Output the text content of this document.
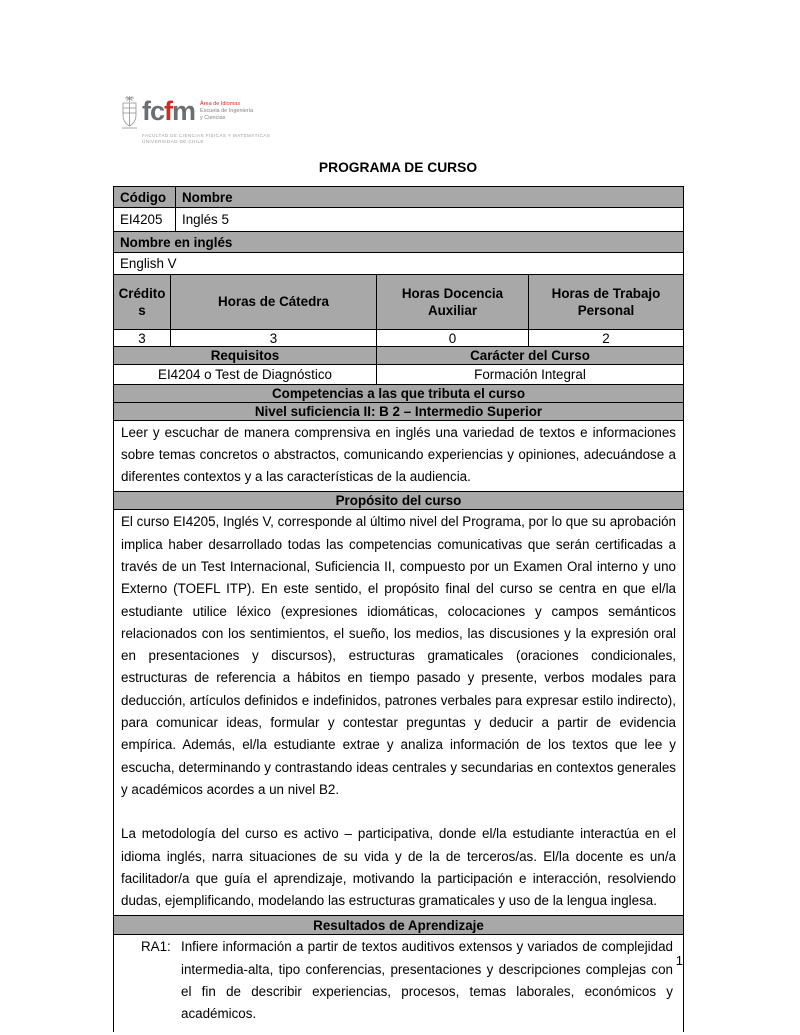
fcfm Área de Idiomas
Escuela de Ingeniería
y Ciencias
FACULTAD DE CIENCIAS FÍSICAS Y MATEMÁTICAS
UNIVERSIDAD DE CHILE
PROGRAMA DE CURSO
Código	Nombre
EI4205	Inglés 5
Nombre en inglés	
English V	
Créditos	Horas de Cátedra	Horas Docencia Auxiliar	Horas de Trabajo Personal
3	3	0	2
Requisitos	Carácter del Curso
EI4204 o Test de Diagnóstico	Formación Integral
Competencias a las que tributa el curso
Nivel suficiencia II: B 2 – Intermedio Superior
Leer y escuchar de manera comprensiva en inglés una variedad de textos e informaciones sobre temas concretos o abstractos, comunicando experiencias y opiniones, adecuándose a diferentes contextos y a las características de la audiencia.
Propósito del curso

El curso EI4205, Inglés V, corresponde al último nivel del Programa, por lo que su aprobación implica haber desarrollado todas las competencias comunicativas que serán certificadas a través de un Test Internacional, Suficiencia II, compuesto por un Examen Oral interno y uno Externo (TOEFL ITP). En este sentido, el propósito final del curso se centra en que el/la estudiante utilice léxico (expresiones idiomáticas, colocaciones y campos semánticos relacionados con los sentimientos, el sueño, los medios, las discusiones y la expresión oral en presentaciones y discursos), estructuras gramaticales (oraciones condicionales, estructuras de referencia a hábitos en tiempo pasado y presente, verbos modales para deducción, artículos definidos e indefinidos, patrones verbales para expresar estilo indirecto), para comunicar ideas, formular y contestar preguntas y deducir a partir de evidencia empírica. Además, el/la estudiante extrae y analiza información de los textos que lee y escucha, determinando y contrastando ideas centrales y secundarias en contextos generales y académicos acordes a un nivel B2.

La metodología del curso es activo – participativa, donde el/la estudiante interactúa en el idioma inglés, narra situaciones de su vida y de la de terceros/as. El/la docente es un/a facilitador/a que guía el aprendizaje, motivando la participación e interacción, resolviendo dudas, ejemplificando, modelando las estructuras gramaticales y uso de la lengua inglesa.

Resultados de Aprendizaje

RA1: Infiere información a partir de textos auditivos extensos y variados de complejidad intermedia-alta, tipo conferencias, presentaciones y descripciones complejas con el fin de describir experiencias, procesos, temas laborales, económicos y académicos.
1
